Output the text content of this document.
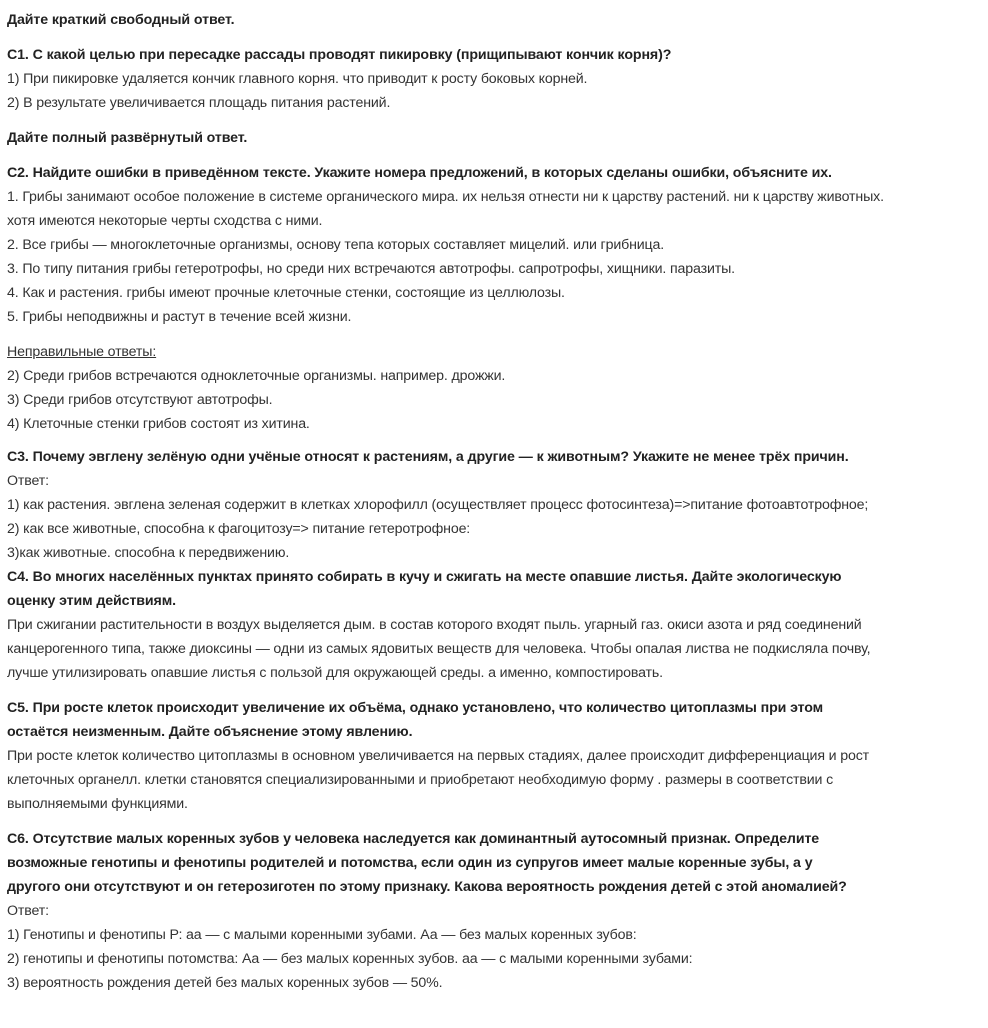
Дайте краткий свободный ответ.
С1. С какой целью при пересадке рассады проводят пикировку (прищипывают кончик корня)?
1) При пикировке удаляется кончик главного корня. что приводит к росту боковых корней.
2) В результате увеличивается площадь питания растений.
Дайте полный развёрнутый ответ.
С2. Найдите ошибки в приведённом тексте. Укажите номера предложений, в которых сделаны ошибки, объясните их.
1. Грибы занимают особое положение в системе органического мира. их нельзя отнести ни к царству растений. ни к царству животных.
хотя имеются некоторые черты сходства с ними.
2. Все грибы — многоклеточные организмы, основу тепа которых составляет мицелий. или грибница.
3. По типу питания грибы гетеротрофы, но среди них встречаются автотрофы. сапротрофы, хищники. паразиты.
4. Как и растения. грибы имеют прочные клеточные стенки, состоящие из целлюлозы.
5. Грибы неподвижны и растут в течение всей жизни.
Неправильные ответы:
2) Среди грибов встречаются одноклеточные организмы. например. дрожжи.
3) Среди грибов отсутствуют автотрофы.
4) Клеточные стенки грибов состоят из хитина.
С3. Почему эвглену зелёную одни учёные относят к растениям, а другие — к животным? Укажите не менее трёх причин.
Ответ:
1) как растения. эвглена зеленая содержит в клетках хлорофилл (осуществляет процесс фотосинтеза)=>питание фотоавтотрофное;
2) как все животные, способна к фагоцитозу=> питание гетеротрофное:
3)как животные. способна к передвижению.
С4. Во многих населённых пунктах принято собирать в кучу и сжигать на месте опавшие листья. Дайте экологическую
оценку этим действиям.
При сжигании растительности в воздух выделяется дым. в состав которого входят пыль. угарный газ. окиси азота и ряд соединений
канцерогенного типа, также диоксины — одни из самых ядовитых веществ для человека. Чтобы опалая листва не подкисляла почву,
лучше утилизировать опавшие листья с пользой для окружающей среды. а именно, компостировать.
С5. При росте клеток происходит увеличение их объёма, однако установлено, что количество цитоплазмы при этом
остаётся неизменным. Дайте объяснение этому явлению.
При росте клеток количество цитоплазмы в основном увеличивается на первых стадиях, далее происходит дифференциация и рост
клеточных органелл. клетки становятся специализированными и приобретают необходимую форму . размеры в соответствии с
выполняемыми функциями.
С6. Отсутствие малых коренных зубов у человека наследуется как доминантный аутосомный признак. Определите
возможные генотипы и фенотипы родителей и потомства, если один из супругов имеет малые коренные зубы, а у
другого они отсутствуют и он гетерозиготен по этому признаку. Какова вероятность рождения детей с этой аномалией?
Ответ:
1) Генотипы и фенотипы Р: аа — с малыми коренными зубами. Аа — без малых коренных зубов:
2) генотипы и фенотипы потомства: Аа — без малых коренных зубов. аа — с малыми коренными зубами:
3) вероятность рождения детей без малых коренных зубов — 50%.
